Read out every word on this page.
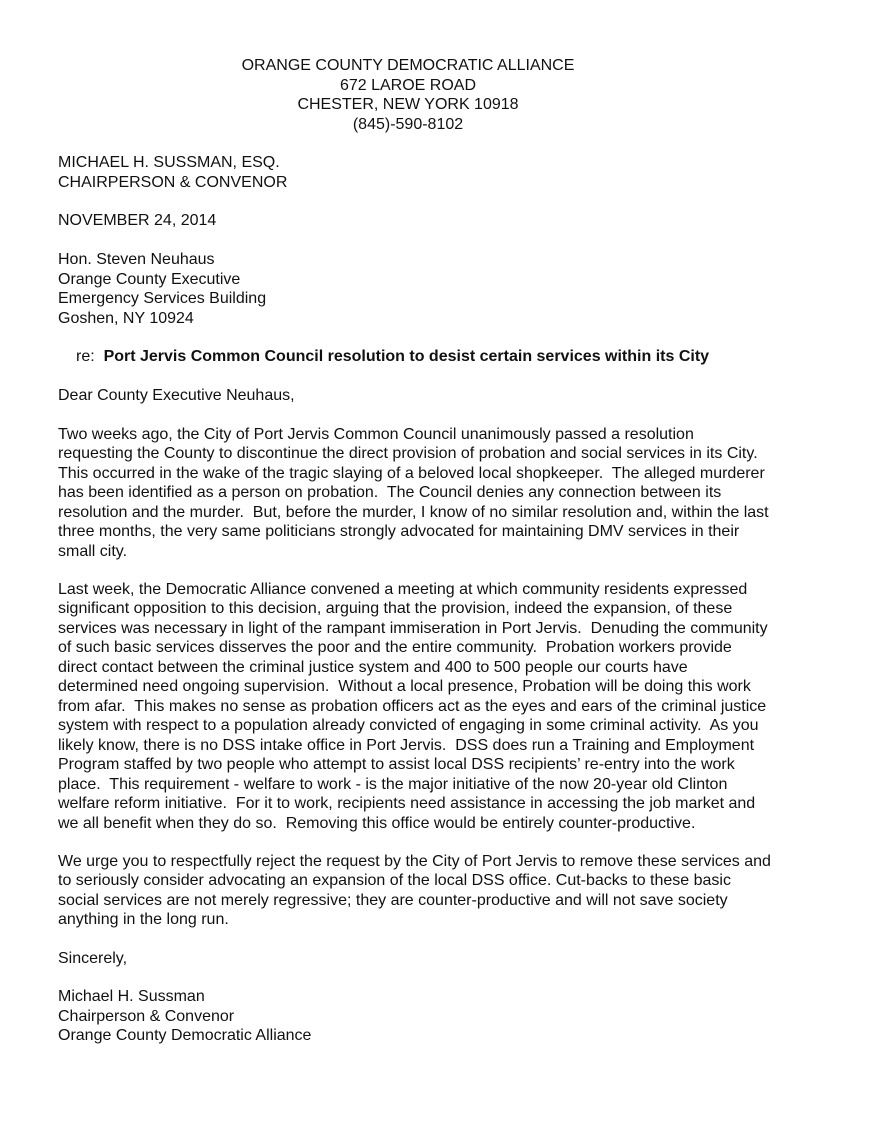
ORANGE COUNTY DEMOCRATIC ALLIANCE
672 LAROE ROAD
CHESTER, NEW YORK 10918
(845)-590-8102
MICHAEL H. SUSSMAN, ESQ.
CHAIRPERSON & CONVENOR
NOVEMBER 24, 2014
Hon. Steven Neuhaus
Orange County Executive
Emergency Services Building
Goshen, NY 10924
re: Port Jervis Common Council resolution to desist certain services within its City
Dear County Executive Neuhaus,
Two weeks ago, the City of Port Jervis Common Council unanimously passed a resolution
requesting the County to discontinue the direct provision of probation and social services in its City.
This occurred in the wake of the tragic slaying of a beloved local shopkeeper.  The alleged murderer
has been identified as a person on probation.  The Council denies any connection between its
resolution and the murder.  But, before the murder, I know of no similar resolution and, within the last
three months, the very same politicians strongly advocated for maintaining DMV services in their
small city.
Last week, the Democratic Alliance convened a meeting at which community residents expressed
significant opposition to this decision, arguing that the provision, indeed the expansion, of these
services was necessary in light of the rampant immiseration in Port Jervis.  Denuding the community
of such basic services disserves the poor and the entire community.  Probation workers provide
direct contact between the criminal justice system and 400 to 500 people our courts have
determined need ongoing supervision.  Without a local presence, Probation will be doing this work
from afar.  This makes no sense as probation officers act as the eyes and ears of the criminal justice
system with respect to a population already convicted of engaging in some criminal activity.  As you
likely know, there is no DSS intake office in Port Jervis.  DSS does run a Training and Employment
Program staffed by two people who attempt to assist local DSS recipients’ re-entry into the work
place.  This requirement - welfare to work - is the major initiative of the now 20-year old Clinton
welfare reform initiative.  For it to work, recipients need assistance in accessing the job market and
we all benefit when they do so.  Removing this office would be entirely counter-productive.
We urge you to respectfully reject the request by the City of Port Jervis to remove these services and
to seriously consider advocating an expansion of the local DSS office. Cut-backs to these basic
social services are not merely regressive; they are counter-productive and will not save society
anything in the long run.
Sincerely,
Michael H. Sussman
Chairperson & Convenor
Orange County Democratic Alliance
